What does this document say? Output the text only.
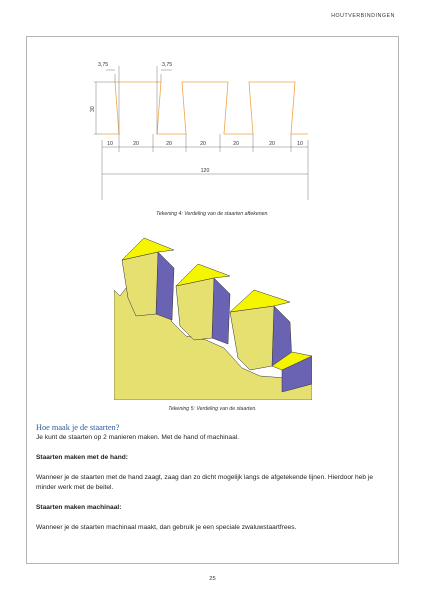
HOUTVERBINDINGEN
3,75	3,75
30
10	20	20	20	20	20	10
120
Tekening 4: Verdeling van de staarten aftekenen.
Tekening 5: Verdeling van de staarten.
Hoe maak je de staarten?
Je kunt de staarten op 2 manieren maken. Met de hand of machinaal.
Staarten maken met de hand:
Wanneer je de staarten met de hand zaagt, zaag dan zo dicht mogelijk langs de afgetekende lijnen. Hierdoor heb je minder werk met de beitel.
Staarten maken machinaal:
Wanneer je de staarten machinaal maakt, dan gebruik je een speciale zwaluwstaartfrees.
25
